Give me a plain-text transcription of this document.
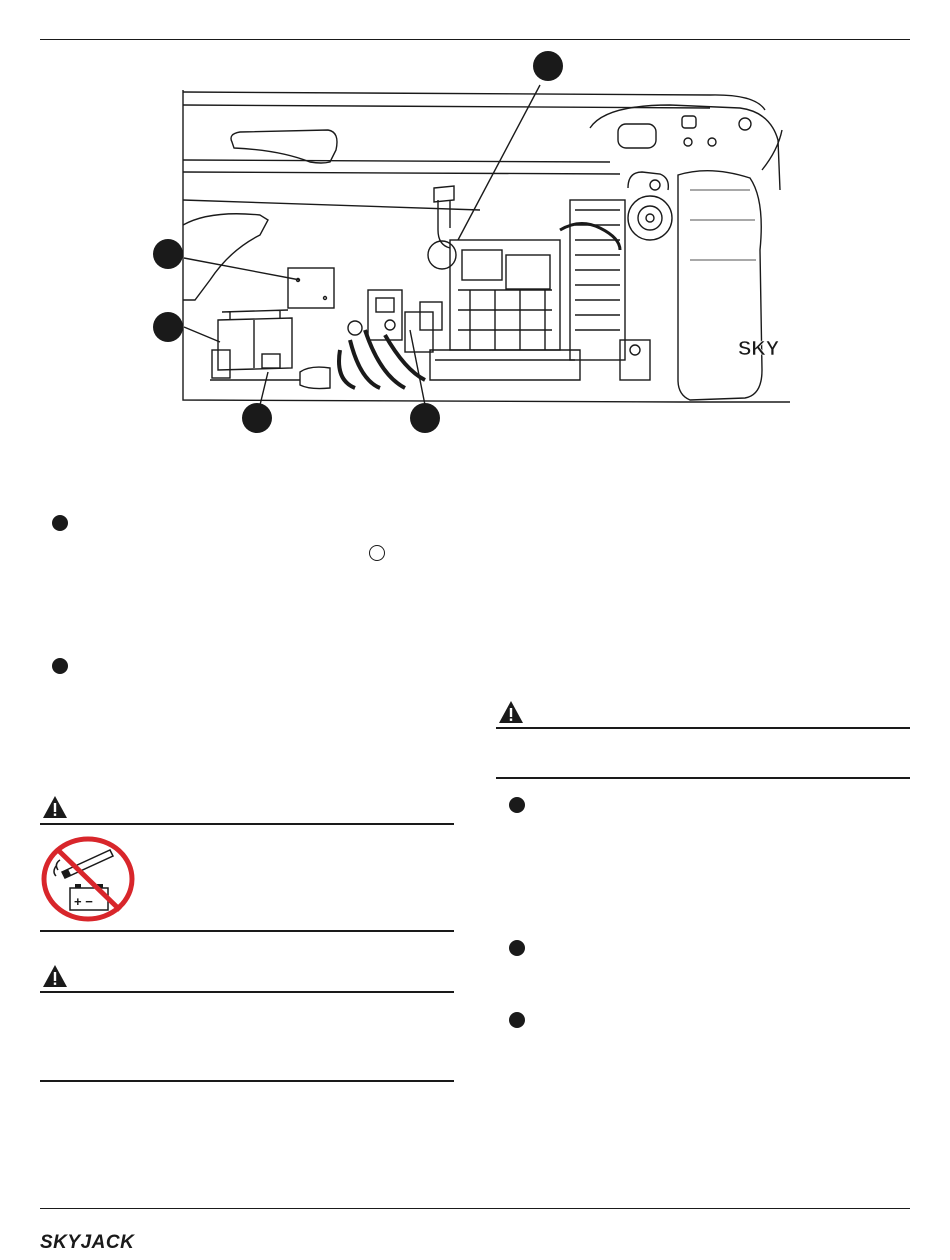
SKY
+ −
SKYJACK
